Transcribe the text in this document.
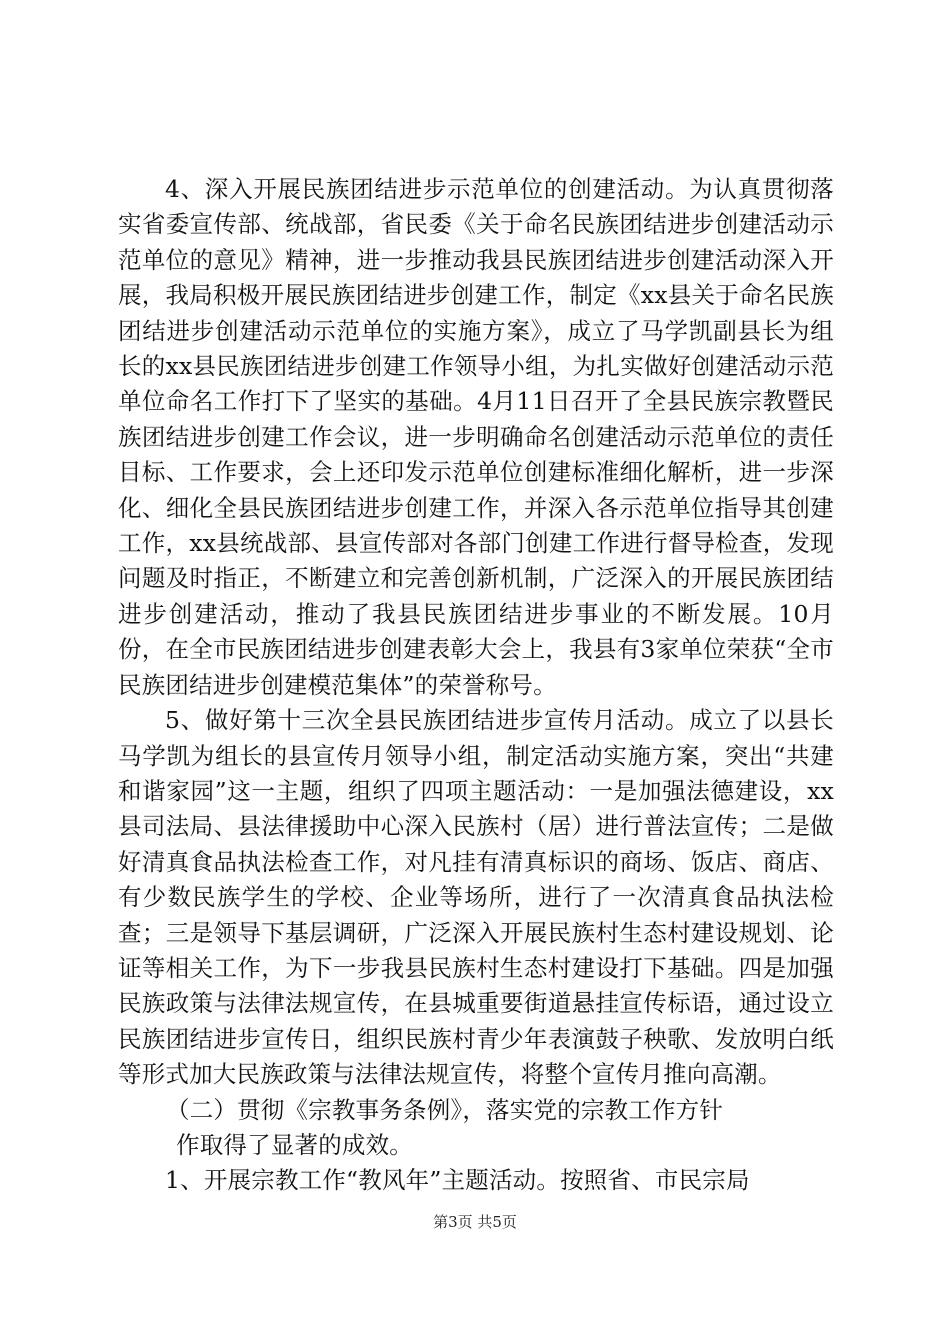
4、深入开展民族团结进步示范单位的创建活动。为认真贯彻落实省委宣传部、统战部，省民委《关于命名民族团结进步创建活动示范单位的意见》精神，进一步推动我县民族团结进步创建活动深入开展，我局积极开展民族团结进步创建工作，制定《xx县关于命名民族团结进步创建活动示范单位的实施方案》，成立了马学凯副县长为组长的xx县民族团结进步创建工作领导小组，为扎实做好创建活动示范单位命名工作打下了坚实的基础。4月11日召开了全县民族宗教暨民族团结进步创建工作会议，进一步明确命名创建活动示范单位的责任目标、工作要求，会上还印发示范单位创建标准细化解析，进一步深化、细化全县民族团结进步创建工作，并深入各示范单位指导其创建工作，xx县统战部、县宣传部对各部门创建工作进行督导检查，发现问题及时指正，不断建立和完善创新机制，广泛深入的开展民族团结进步创建活动，推动了我县民族团结进步事业的不断发展。10月份，在全市民族团结进步创建表彰大会上，我县有3家单位荣获“全市民族团结进步创建模范集体”的荣誉称号。

5、做好第十三次全县民族团结进步宣传月活动。成立了以县长马学凯为组长的县宣传月领导小组，制定活动实施方案，突出“共建和谐家园”这一主题，组织了四项主题活动：一是加强法德建设，xx县司法局、县法律援助中心深入民族村（居）进行普法宣传；二是做好清真食品执法检查工作，对凡挂有清真标识的商场、饭店、商店、有少数民族学生的学校、企业等场所，进行了一次清真食品执法检查；三是领导下基层调研，广泛深入开展民族村生态村建设规划、论证等相关工作，为下一步我县民族村生态村建设打下基础。四是加强民族政策与法律法规宣传，在县城重要街道悬挂宣传标语，通过设立民族团结进步宣传日，组织民族村青少年表演鼓子秧歌、发放明白纸等形式加大民族政策与法律法规宣传，将整个宣传月推向高潮。

（二）贯彻《宗教事务条例》，落实党的宗教工作方针

作取得了显著的成效。

1、开展宗教工作“教风年”主题活动。按照省、市民宗局

第3页 共5页
